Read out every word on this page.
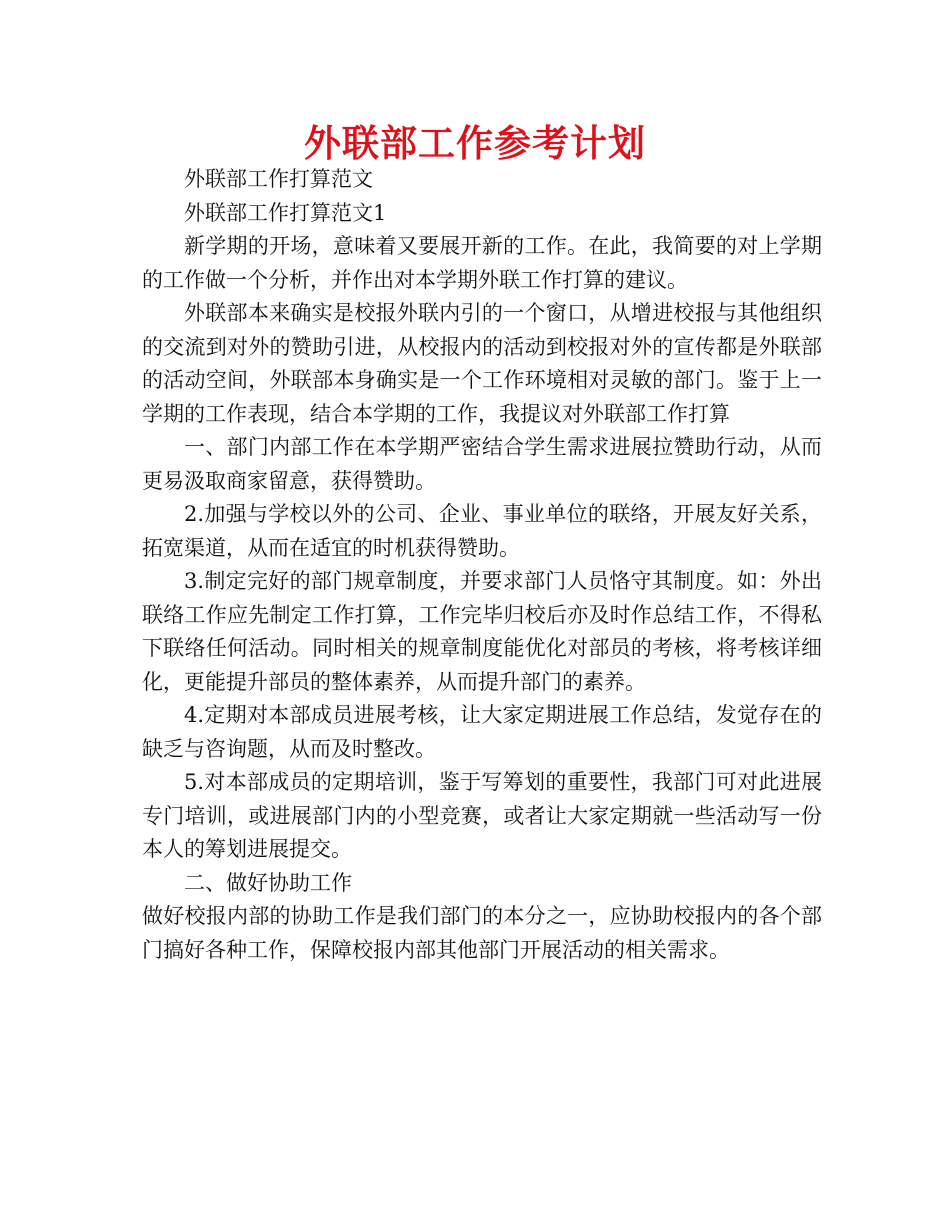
外联部工作参考计划

外联部工作打算范文

外联部工作打算范文1

新学期的开场，意味着又要展开新的工作。在此，我简要的对上学期的工作做一个分析，并作出对本学期外联工作打算的建议。

外联部本来确实是校报外联内引的一个窗口，从增进校报与其他组织的交流到对外的赞助引进，从校报内的活动到校报对外的宣传都是外联部的活动空间，外联部本身确实是一个工作环境相对灵敏的部门。鉴于上一学期的工作表现，结合本学期的工作，我提议对外联部工作打算

一、部门内部工作在本学期严密结合学生需求进展拉赞助行动，从而更易汲取商家留意，获得赞助。

2.加强与学校以外的公司、企业、事业单位的联络，开展友好关系，拓宽渠道，从而在适宜的时机获得赞助。

3.制定完好的部门规章制度，并要求部门人员恪守其制度。如：外出联络工作应先制定工作打算，工作完毕归校后亦及时作总结工作，不得私下联络任何活动。同时相关的规章制度能优化对部员的考核，将考核详细化，更能提升部员的整体素养，从而提升部门的素养。

4.定期对本部成员进展考核，让大家定期进展工作总结，发觉存在的缺乏与咨询题，从而及时整改。

5.对本部成员的定期培训，鉴于写筹划的重要性，我部门可对此进展专门培训，或进展部门内的小型竞赛，或者让大家定期就一些活动写一份本人的筹划进展提交。

二、做好协助工作

做好校报内部的协助工作是我们部门的本分之一，应协助校报内的各个部门搞好各种工作，保障校报内部其他部门开展活动的相关需求。
